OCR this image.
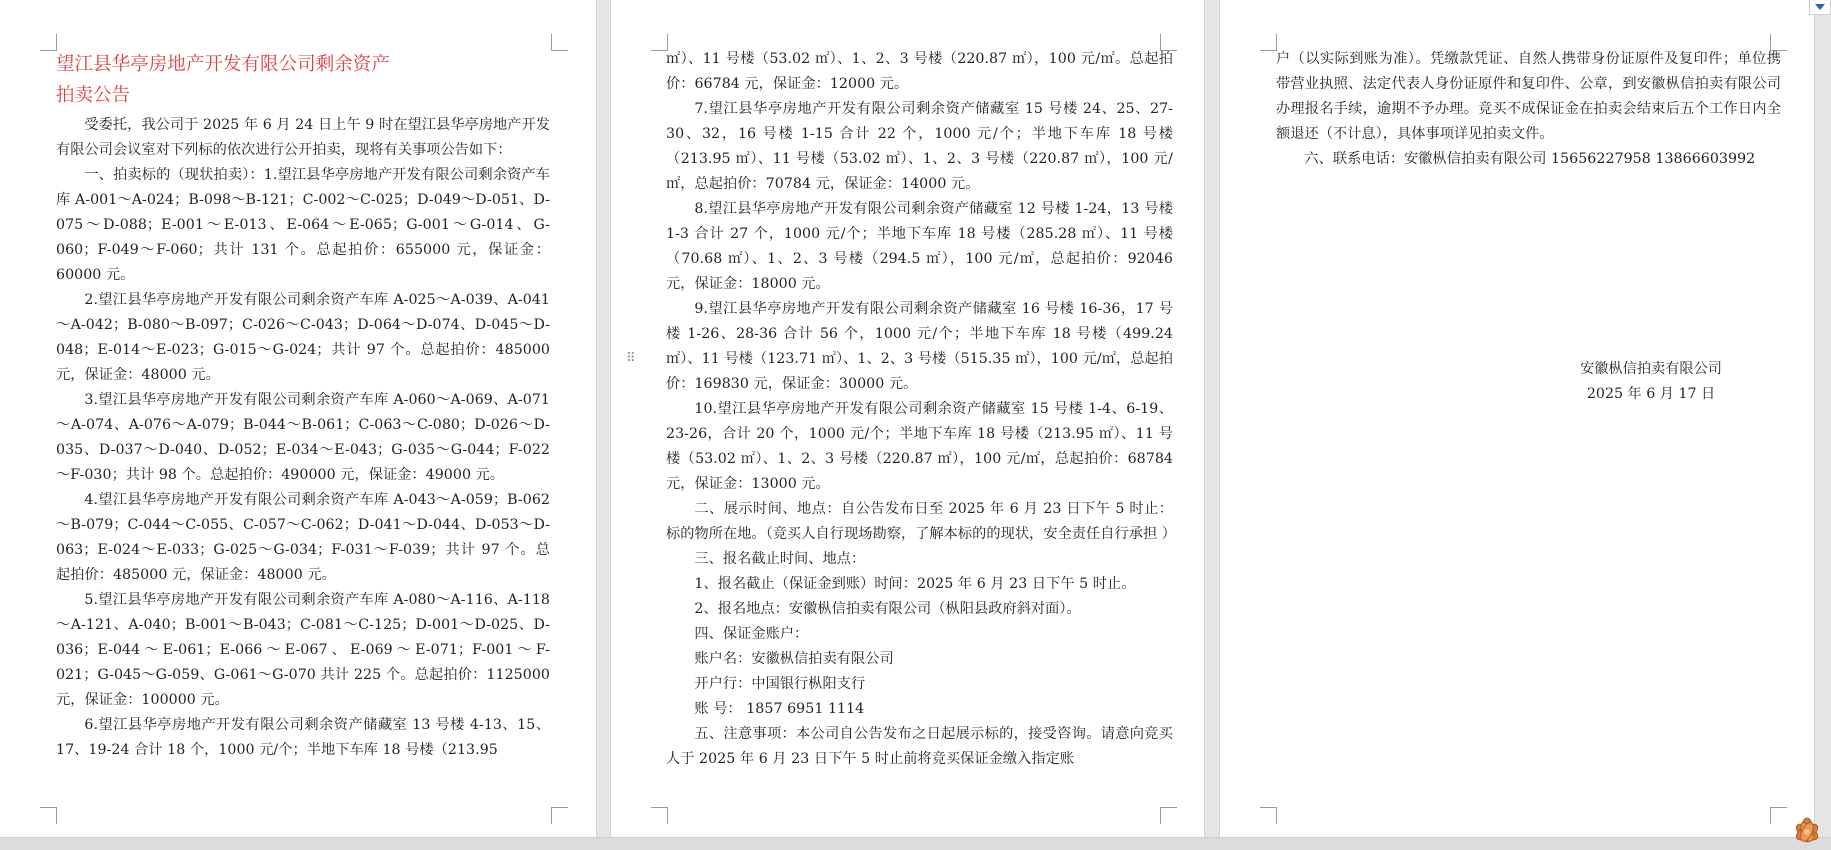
望江县华亭房地产开发有限公司剩余资产

拍卖公告

受委托，我公司于 2025 年 6 月 24 日上午 9 时在望江县华亭房地产开发有限公司会议室对下列标的依次进行公开拍卖，现将有关事项公告如下：

一、拍卖标的（现状拍卖）：1.望江县华亭房地产开发有限公司剩余资产车库 A-001～A-024；B-098～B-121；C-002～C-025；D-049～D-051、D-075～D-088；E-001～E-013、E-064～E-065；G-001～G-014、G-060；F-049～F-060；共计 131 个。总起拍价：655000 元，保证金：60000 元。

2.望江县华亭房地产开发有限公司剩余资产车库 A-025～A-039、A-041～A-042；B-080～B-097；C-026～C-043；D-064～D-074、D-045～D-048；E-014～E-023；G-015～G-024；共计 97 个。总起拍价：485000 元，保证金：48000 元。

3.望江县华亭房地产开发有限公司剩余资产车库 A-060～A-069、A-071～A-074、A-076～A-079；B-044～B-061；C-063～C-080；D-026～D-035、D-037～D-040、D-052；E-034～E-043；G-035～G-044；F-022～F-030；共计 98 个。总起拍价：490000 元，保证金：49000 元。

4.望江县华亭房地产开发有限公司剩余资产车库 A-043～A-059；B-062～B-079；C-044～C-055、C-057～C-062；D-041～D-044、D-053～D-063；E-024～E-033；G-025～G-034；F-031～F-039；共计 97 个。总起拍价：485000 元，保证金：48000 元。

5.望江县华亭房地产开发有限公司剩余资产车库 A-080～A-116、A-118～A-121、A-040；B-001～B-043；C-081～C-125；D-001～D-025、D-036；E-044～E-061；E-066～E-067、E-069～E-071；F-001～F-021；G-045～G-059、G-061～G-070 共计 225 个。总起拍价：1125000 元，保证金：100000 元。

6.望江县华亭房地产开发有限公司剩余资产储藏室 13 号楼 4-13、15、17、19-24 合计 18 个，1000 元/个；半地下车库 18 号楼（213.95

㎡）、11 号楼（53.02 ㎡）、1、2、3 号楼（220.87 ㎡），100 元/㎡。总起拍价：66784 元，保证金：12000 元。

7.望江县华亭房地产开发有限公司剩余资产储藏室 15 号楼 24、25、27-30、32，16 号楼 1-15 合计 22 个，1000 元/个；半地下车库 18 号楼（213.95 ㎡）、11 号楼（53.02 ㎡）、1、2、3 号楼（220.87 ㎡），100 元/㎡，总起拍价：70784 元，保证金：14000 元。

8.望江县华亭房地产开发有限公司剩余资产储藏室 12 号楼 1-24，13 号楼 1-3 合计 27 个，1000 元/个；半地下车库 18 号楼（285.28 ㎡）、11 号楼（70.68 ㎡）、1、2、3 号楼（294.5 ㎡），100 元/㎡，总起拍价：92046 元，保证金：18000 元。

9.望江县华亭房地产开发有限公司剩余资产储藏室 16 号楼 16-36，17 号楼 1-26、28-36 合计 56 个，1000 元/个；半地下车库 18 号楼（499.24 ㎡）、11 号楼（123.71 ㎡）、1、2、3 号楼（515.35 ㎡），100 元/㎡，总起拍价：169830 元，保证金：30000 元。

10.望江县华亭房地产开发有限公司剩余资产储藏室 15 号楼 1-4、6-19、23-26，合计 20 个，1000 元/个；半地下车库 18 号楼（213.95 ㎡）、11 号楼（53.02 ㎡）、1、2、3 号楼（220.87 ㎡），100 元/㎡，总起拍价：68784 元，保证金：13000 元。

二、展示时间、地点：自公告发布日至 2025 年 6 月 23 日下午 5 时止：标的物所在地。（竞买人自行现场勘察，了解本标的的现状，安全责任自行承担 ）

三、报名截止时间、地点：

1、报名截止（保证金到账）时间：2025 年 6 月 23 日下午 5 时止。

2、报名地点：安徽枞信拍卖有限公司（枞阳县政府斜对面）。

四、保证金账户：

账户名：安徽枞信拍卖有限公司

开户行：中国银行枞阳支行

账 号： 1857 6951 1114

五、注意事项：本公司自公告发布之日起展示标的，接受咨询。请意向竞买人于 2025 年 6 月 23 日下午 5 时止前将竞买保证金缴入指定账

⠿

户（以实际到账为准）。凭缴款凭证、自然人携带身份证原件及复印件；单位携带营业执照、法定代表人身份证原件和复印件、公章，到安徽枞信拍卖有限公司办理报名手续，逾期不予办理。竞买不成保证金在拍卖会结束后五个工作日内全额退还（不计息），具体事项详见拍卖文件。

六、联系电话：安徽枞信拍卖有限公司 15656227958 13866603992

安徽枞信拍卖有限公司
2025 年 6 月 17 日
